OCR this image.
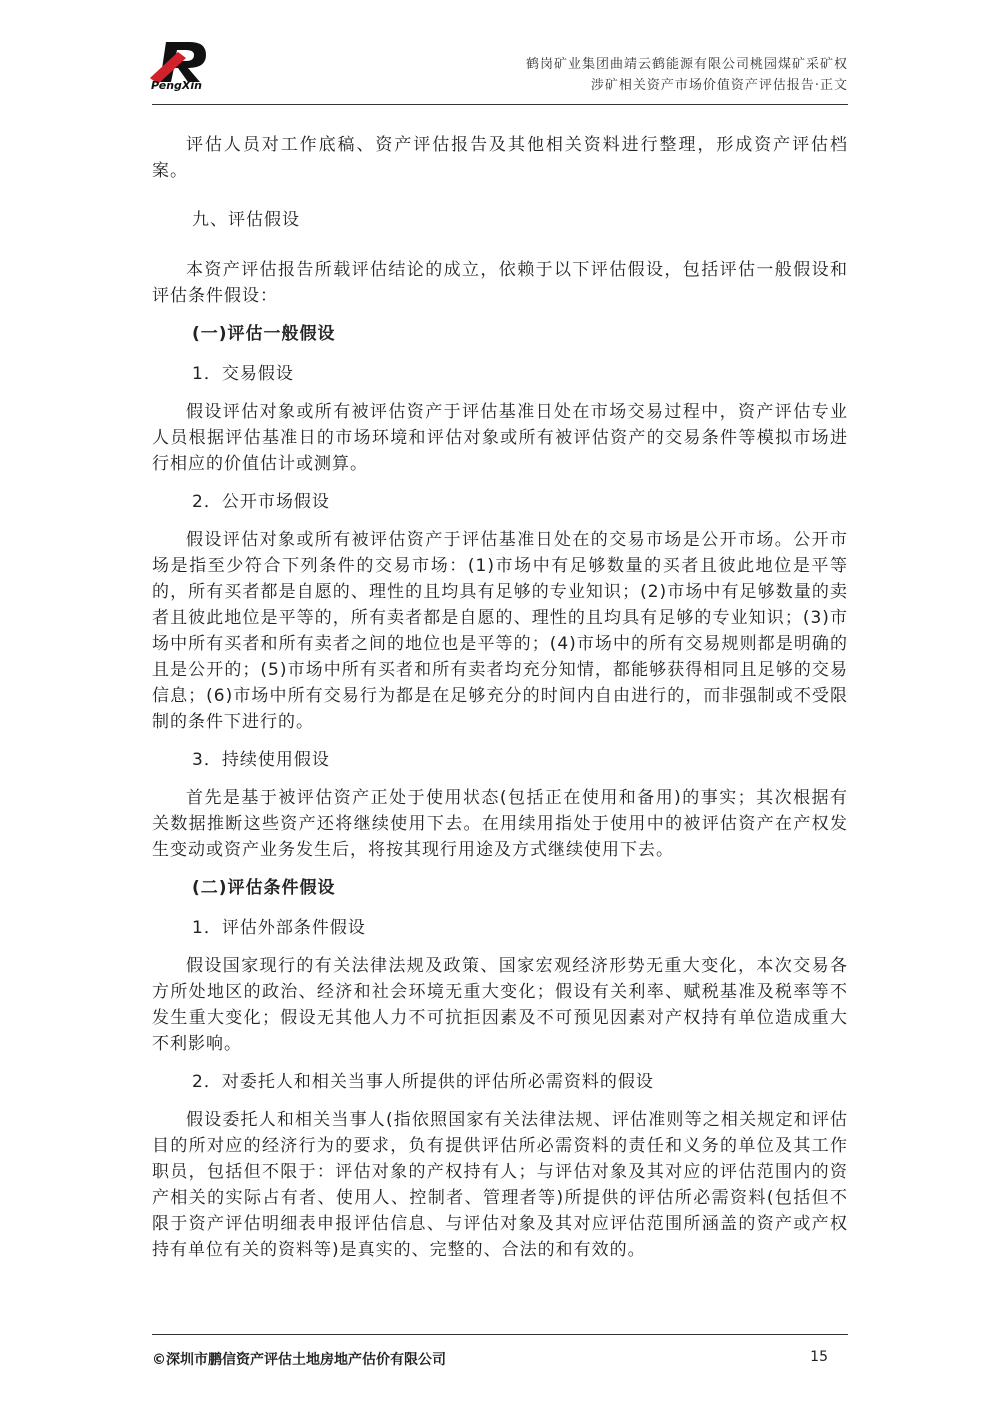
PengXin
鹤岗矿业集团曲靖云鹤能源有限公司桃园煤矿采矿权
涉矿相关资产市场价值资产评估报告·正文

评估人员对工作底稿、资产评估报告及其他相关资料进行整理，形成资产评估档案。

九、评估假设

本资产评估报告所载评估结论的成立，依赖于以下评估假设，包括评估一般假设和评估条件假设：

(一)评估一般假设

1．交易假设

假设评估对象或所有被评估资产于评估基准日处在市场交易过程中，资产评估专业人员根据评估基准日的市场环境和评估对象或所有被评估资产的交易条件等模拟市场进行相应的价值估计或测算。

2．公开市场假设

假设评估对象或所有被评估资产于评估基准日处在的交易市场是公开市场。公开市场是指至少符合下列条件的交易市场：(1)市场中有足够数量的买者且彼此地位是平等的，所有买者都是自愿的、理性的且均具有足够的专业知识；(2)市场中有足够数量的卖者且彼此地位是平等的，所有卖者都是自愿的、理性的且均具有足够的专业知识；(3)市场中所有买者和所有卖者之间的地位也是平等的；(4)市场中的所有交易规则都是明确的且是公开的；(5)市场中所有买者和所有卖者均充分知情，都能够获得相同且足够的交易信息；(6)市场中所有交易行为都是在足够充分的时间内自由进行的，而非强制或不受限制的条件下进行的。

3．持续使用假设

首先是基于被评估资产正处于使用状态(包括正在使用和备用)的事实；其次根据有关数据推断这些资产还将继续使用下去。在用续用指处于使用中的被评估资产在产权发生变动或资产业务发生后，将按其现行用途及方式继续使用下去。

(二)评估条件假设

1．评估外部条件假设

假设国家现行的有关法律法规及政策、国家宏观经济形势无重大变化，本次交易各方所处地区的政治、经济和社会环境无重大变化；假设有关利率、赋税基准及税率等不发生重大变化；假设无其他人力不可抗拒因素及不可预见因素对产权持有单位造成重大不利影响。

2．对委托人和相关当事人所提供的评估所必需资料的假设

假设委托人和相关当事人(指依照国家有关法律法规、评估准则等之相关规定和评估目的所对应的经济行为的要求，负有提供评估所必需资料的责任和义务的单位及其工作职员，包括但不限于：评估对象的产权持有人；与评估对象及其对应的评估范围内的资产相关的实际占有者、使用人、控制者、管理者等)所提供的评估所必需资料(包括但不限于资产评估明细表申报评估信息、与评估对象及其对应评估范围所涵盖的资产或产权持有单位有关的资料等)是真实的、完整的、合法的和有效的。

©深圳市鹏信资产评估土地房地产估价有限公司	15
